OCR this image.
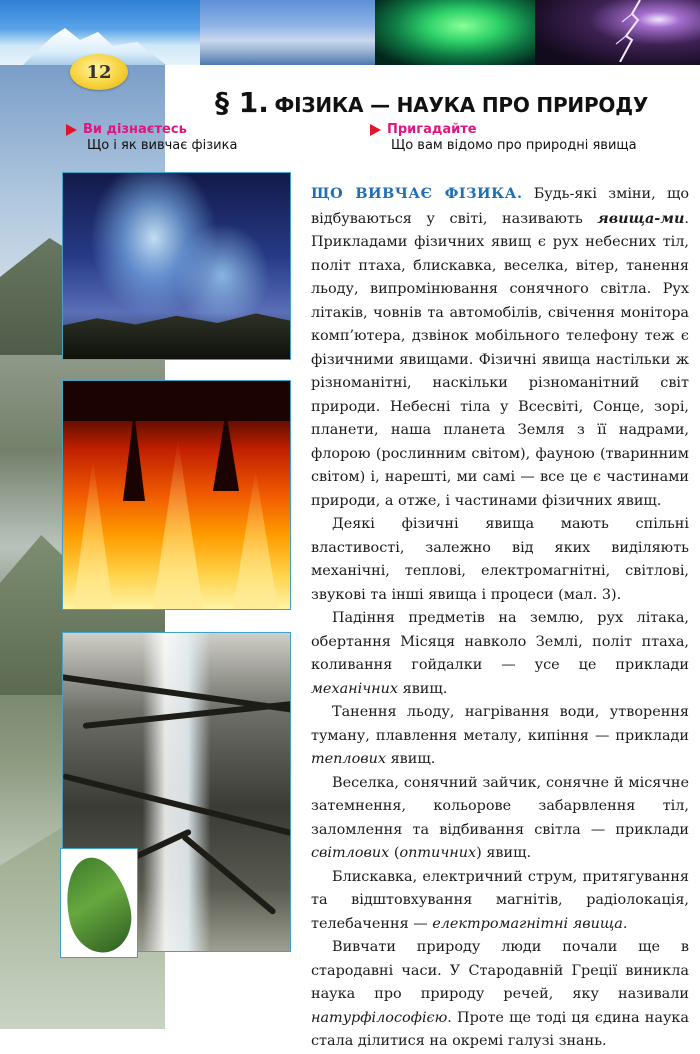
12
§ 1. ФІЗИКА — НАУКА ПРО ПРИРОДУ
Ви дізнаєтесь
Що і як вивчає фізика
Пригадайте
Що вам відомо про природні явища

ЩО ВИВЧАЄ ФІЗИКА. Будь-які зміни, що відбуваються у світі, називають явища-ми. Прикладами фізичних явищ є рух небесних тіл, політ птаха, блискавка, веселка, вітер, танення льоду, випромінювання сонячного світла. Рух літаків, човнів та автомобілів, свічення монітора комп’ютера, дзвінок мобільного телефону теж є фізичними явищами. Фізичні явища настільки ж різноманітні, наскільки різноманітний світ природи. Небесні тіла у Всесвіті, Сонце, зорі, планети, наша планета Земля з її надрами, флорою (рослинним світом), фауною (тваринним світом) і, нарешті, ми самі — все це є частинами природи, а отже, і частинами фізичних явищ.

Деякі фізичні явища мають спільні властивості, залежно від яких виділяють механічні, теплові, електромагнітні, світлові, звукові та інші явища і процеси (мал. 3).

Падіння предметів на землю, рух літака, обертання Місяця навколо Землі, політ птаха, коливання гойдалки — усе це приклади механічних явищ.

Танення льоду, нагрівання води, утворення туману, плавлення металу, кипіння — приклади теплових явищ.

Веселка, сонячний зайчик, сонячне й місячне затемнення, кольорове забарвлення тіл, заломлення та відбивання світла — приклади світлових (оптичних) явищ.

Блискавка, електричний струм, притягування та відштовхування магнітів, радіолокація, телебачення — електромагнітні явища.

Вивчати природу люди почали ще в стародавні часи. У Стародавній Греції виникла наука про природу речей, яку називали натурфілософією. Проте ще тоді ця єдина наука стала ділитися на окремі галузі знань.
